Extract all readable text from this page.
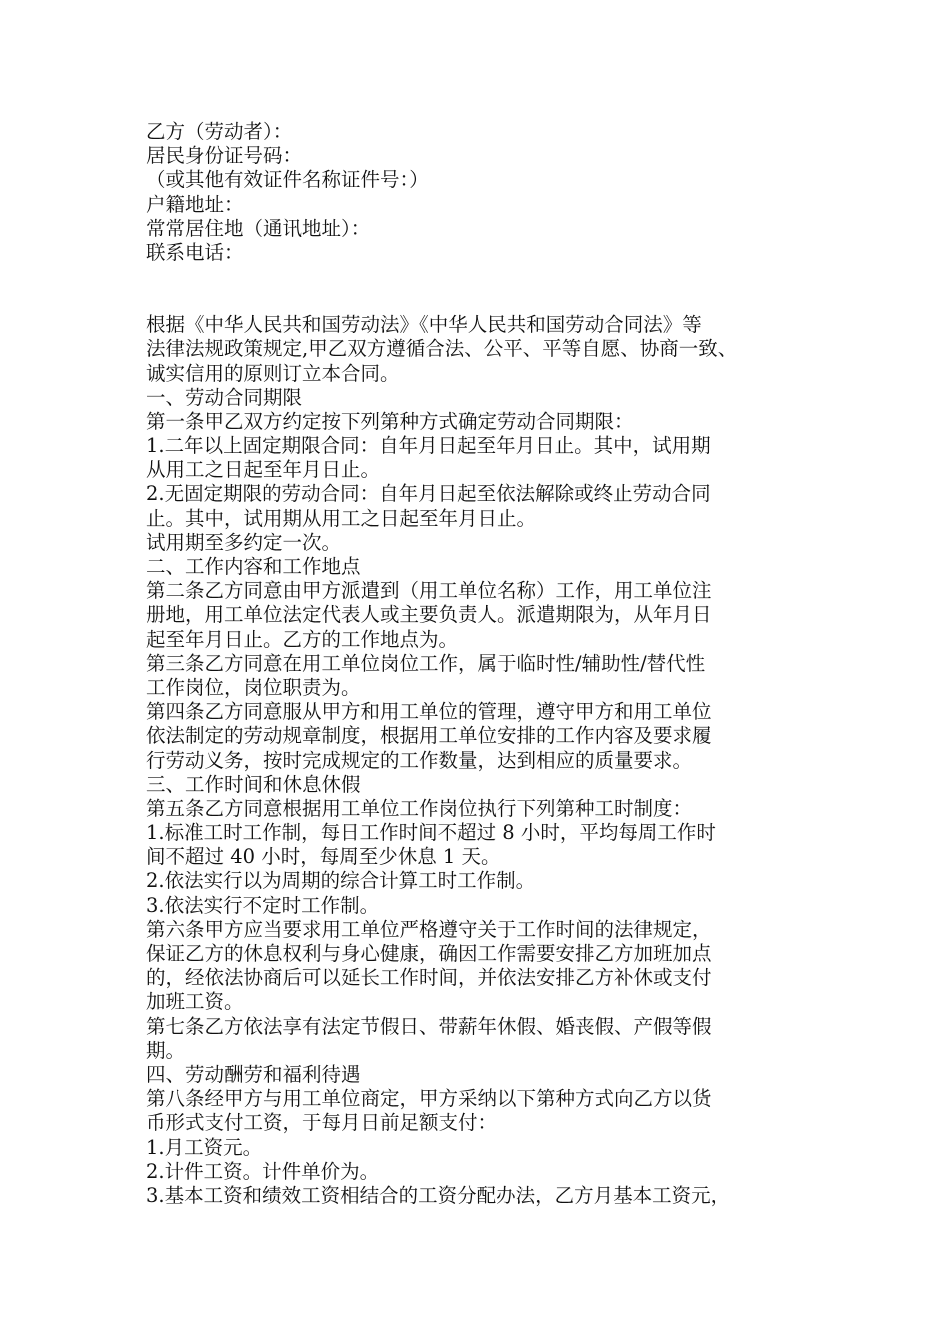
乙方（劳动者）：
居民身份证号码：
（或其他有效证件名称证件号：）
户籍地址：
常常居住地（通讯地址）：
联系电话：
根据《中华人民共和国劳动法》《中华人民共和国劳动合同法》等
法律法规政策规定,甲乙双方遵循合法、公平、平等自愿、协商一致、
诚实信用的原则订立本合同。
一、劳动合同期限
第一条甲乙双方约定按下列第种方式确定劳动合同期限：
1.二年以上固定期限合同：自年月日起至年月日止。其中，试用期
从用工之日起至年月日止。
2.无固定期限的劳动合同：自年月日起至依法解除或终止劳动合同
止。其中，试用期从用工之日起至年月日止。
试用期至多约定一次。
二、工作内容和工作地点
第二条乙方同意由甲方派遣到（用工单位名称）工作，用工单位注
册地，用工单位法定代表人或主要负责人。派遣期限为，从年月日
起至年月日止。乙方的工作地点为。
第三条乙方同意在用工单位岗位工作，属于临时性/辅助性/替代性
工作岗位，岗位职责为。
第四条乙方同意服从甲方和用工单位的管理，遵守甲方和用工单位
依法制定的劳动规章制度，根据用工单位安排的工作内容及要求履
行劳动义务，按时完成规定的工作数量，达到相应的质量要求。
三、工作时间和休息休假
第五条乙方同意根据用工单位工作岗位执行下列第种工时制度：
1.标准工时工作制，每日工作时间不超过 8 小时，平均每周工作时
间不超过 40 小时，每周至少休息 1 天。
2.依法实行以为周期的综合计算工时工作制。
3.依法实行不定时工作制。
第六条甲方应当要求用工单位严格遵守关于工作时间的法律规定，
保证乙方的休息权利与身心健康，确因工作需要安排乙方加班加点
的，经依法协商后可以延长工作时间，并依法安排乙方补休或支付
加班工资。
第七条乙方依法享有法定节假日、带薪年休假、婚丧假、产假等假
期。
四、劳动酬劳和福利待遇
第八条经甲方与用工单位商定，甲方采纳以下第种方式向乙方以货
币形式支付工资，于每月日前足额支付：
1.月工资元。
2.计件工资。计件单价为。
3.基本工资和绩效工资相结合的工资分配办法，乙方月基本工资元，
